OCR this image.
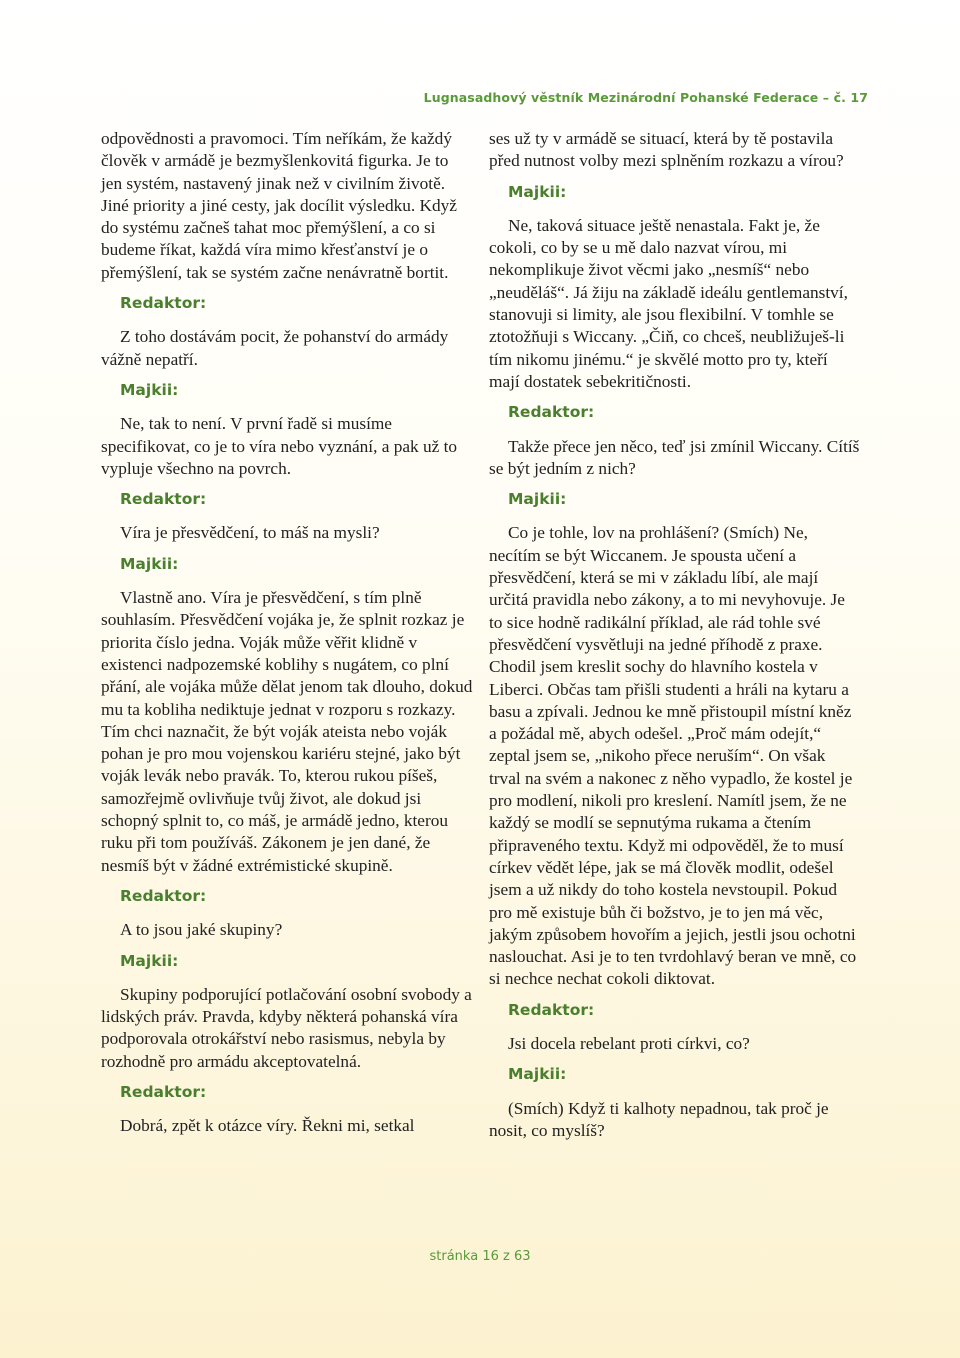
Lugnasadhový věstník Mezinárodní Pohanské Federace – č. 17

odpovědnosti a pravomoci. Tím neříkám, že každý člověk v armádě je bezmyšlenkovitá figurka. Je to jen systém, nastavený jinak než v civilním životě. Jiné priority a jiné cesty, jak docílit výsledku. Když do systému začneš tahat moc přemýšlení, a co si budeme říkat, každá víra mimo křesťanství je o přemýšlení, tak se systém začne nenávratně bortit.

Redaktor:

Z toho dostávám pocit, že pohanství do armády vážně nepatří.

Majkii:

Ne, tak to není. V první řadě si musíme specifikovat, co je to víra nebo vyznání, a pak už to vypluje všechno na povrch.

Redaktor:

Víra je přesvědčení, to máš na mysli?

Majkii:

Vlastně ano. Víra je přesvědčení, s tím plně souhlasím. Přesvědčení vojáka je, že splnit rozkaz je priorita číslo jedna. Voják může věřit klidně v existenci nadpozemské koblihy s nugátem, co plní přání, ale vojáka může dělat jenom tak dlouho, dokud mu ta kobliha nediktuje jednat v rozporu s rozkazy. Tím chci naznačit, že být voják ateista nebo voják pohan je pro mou vojenskou kariéru stejné, jako být voják levák nebo pravák. To, kterou rukou píšeš, samozřejmě ovlivňuje tvůj život, ale dokud jsi schopný splnit to, co máš, je armádě jedno, kterou ruku při tom používáš. Zákonem je jen dané, že nesmíš být v žádné extrémistické skupině.

Redaktor:

A to jsou jaké skupiny?

Majkii:

Skupiny podporující potlačování osobní svobody a lidských práv. Pravda, kdyby některá pohanská víra podporovala otrokářství nebo rasismus, nebyla by rozhodně pro armádu akceptovatelná.

Redaktor:

Dobrá, zpět k otázce víry. Řekni mi, setkal

ses už ty v armádě se situací, která by tě postavila před nutnost volby mezi splněním rozkazu a vírou?

Majkii:

Ne, taková situace ještě nenastala. Fakt je, že cokoli, co by se u mě dalo nazvat vírou, mi nekomplikuje život věcmi jako „nesmíš“ nebo „neuděláš“. Já žiju na základě ideálu gentlemanství, stanovuji si limity, ale jsou flexibilní. V tomhle se ztotožňuji s Wiccany. „Čiň, co chceš, neubližuješ-li tím nikomu jinému.“ je skvělé motto pro ty, kteří mají dostatek sebekritičnosti.

Redaktor:

Takže přece jen něco, teď jsi zmínil Wiccany. Cítíš se být jedním z nich?

Majkii:

Co je tohle, lov na prohlášení? (Smích) Ne, necítím se být Wiccanem. Je spousta učení a přesvědčení, která se mi v základu líbí, ale mají určitá pravidla nebo zákony, a to mi nevyhovuje. Je to sice hodně radikální příklad, ale rád tohle své přesvědčení vysvětluji na jedné příhodě z praxe. Chodil jsem kreslit sochy do hlavního kostela v Liberci. Občas tam přišli studenti a hráli na kytaru a basu a zpívali. Jednou ke mně přistoupil místní kněz a požádal mě, abych odešel. „Proč mám odejít,“ zeptal jsem se, „nikoho přece neruším“. On však trval na svém a nakonec z něho vypadlo, že kostel je pro modlení, nikoli pro kreslení. Namítl jsem, že ne každý se modlí se sepnutýma rukama a čtením připraveného textu. Když mi odpověděl, že to musí církev vědět lépe, jak se má člověk modlit, odešel jsem a už nikdy do toho kostela nevstoupil. Pokud pro mě existuje bůh či božstvo, je to jen má věc, jakým způsobem hovořím a jejich, jestli jsou ochotni naslouchat. Asi je to ten tvrdohlavý beran ve mně, co si nechce nechat cokoli diktovat.

Redaktor:

Jsi docela rebelant proti církvi, co?

Majkii:

(Smích) Když ti kalhoty nepadnou, tak proč je nosit, co myslíš?

stránka 16 z 63
